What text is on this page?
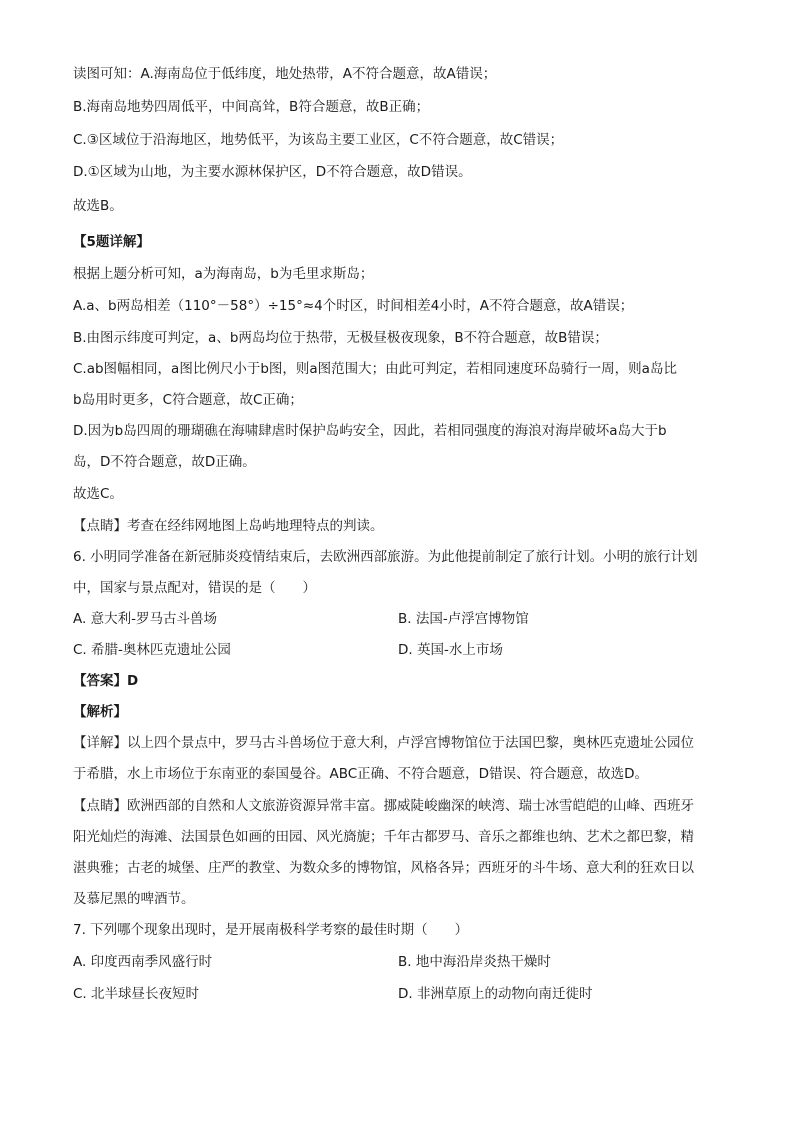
读图可知：A.海南岛位于低纬度，地处热带，A不符合题意，故A错误；
B.海南岛地势四周低平，中间高耸，B符合题意，故B正确；
C.③区域位于沿海地区，地势低平，为该岛主要工业区，C不符合题意，故C错误；
D.①区域为山地，为主要水源林保护区，D不符合题意，故D错误。
故选B。
【5题详解】
根据上题分析可知，a为海南岛，b为毛里求斯岛；
A.a、b两岛相差（110°－58°）÷15°≈4个时区，时间相差4小时，A不符合题意，故A错误；
B.由图示纬度可判定，a、b两岛均位于热带，无极昼极夜现象，B不符合题意，故B错误；
C.ab图幅相同，a图比例尺小于b图，则a图范围大；由此可判定，若相同速度环岛骑行一周，则a岛比
b岛用时更多，C符合题意，故C正确；
D.因为b岛四周的珊瑚礁在海啸肆虐时保护岛屿安全，因此，若相同强度的海浪对海岸破坏a岛大于b
岛，D不符合题意，故D正确。
故选C。
【点睛】考查在经纬网地图上岛屿地理特点的判读。
6. 小明同学准备在新冠肺炎疫情结束后，去欧洲西部旅游。为此他提前制定了旅行计划。小明的旅行计划
中，国家与景点配对，错误的是（　　）
A. 意大利-罗马古斗兽场	B. 法国-卢浮宫博物馆
C. 希腊-奥林匹克遗址公园	D. 英国-水上市场
【答案】D
【解析】
【详解】以上四个景点中，罗马古斗兽场位于意大利，卢浮宫博物馆位于法国巴黎，奥林匹克遗址公园位
于希腊，水上市场位于东南亚的泰国曼谷。ABC正确、不符合题意，D错误、符合题意，故选D。
【点睛】欧洲西部的自然和人文旅游资源异常丰富。挪威陡峻幽深的峡湾、瑞士冰雪皑皑的山峰、西班牙
阳光灿烂的海滩、法国景色如画的田园、风光旖旎；千年古都罗马、音乐之都维也纳、艺术之都巴黎，精
湛典雅；古老的城堡、庄严的教堂、为数众多的博物馆，风格各异；西班牙的斗牛场、意大利的狂欢日以
及慕尼黑的啤酒节。
7. 下列哪个现象出现时，是开展南极科学考察的最佳时期（　　）
A. 印度西南季风盛行时	B. 地中海沿岸炎热干燥时
C. 北半球昼长夜短时	D. 非洲草原上的动物向南迁徙时
